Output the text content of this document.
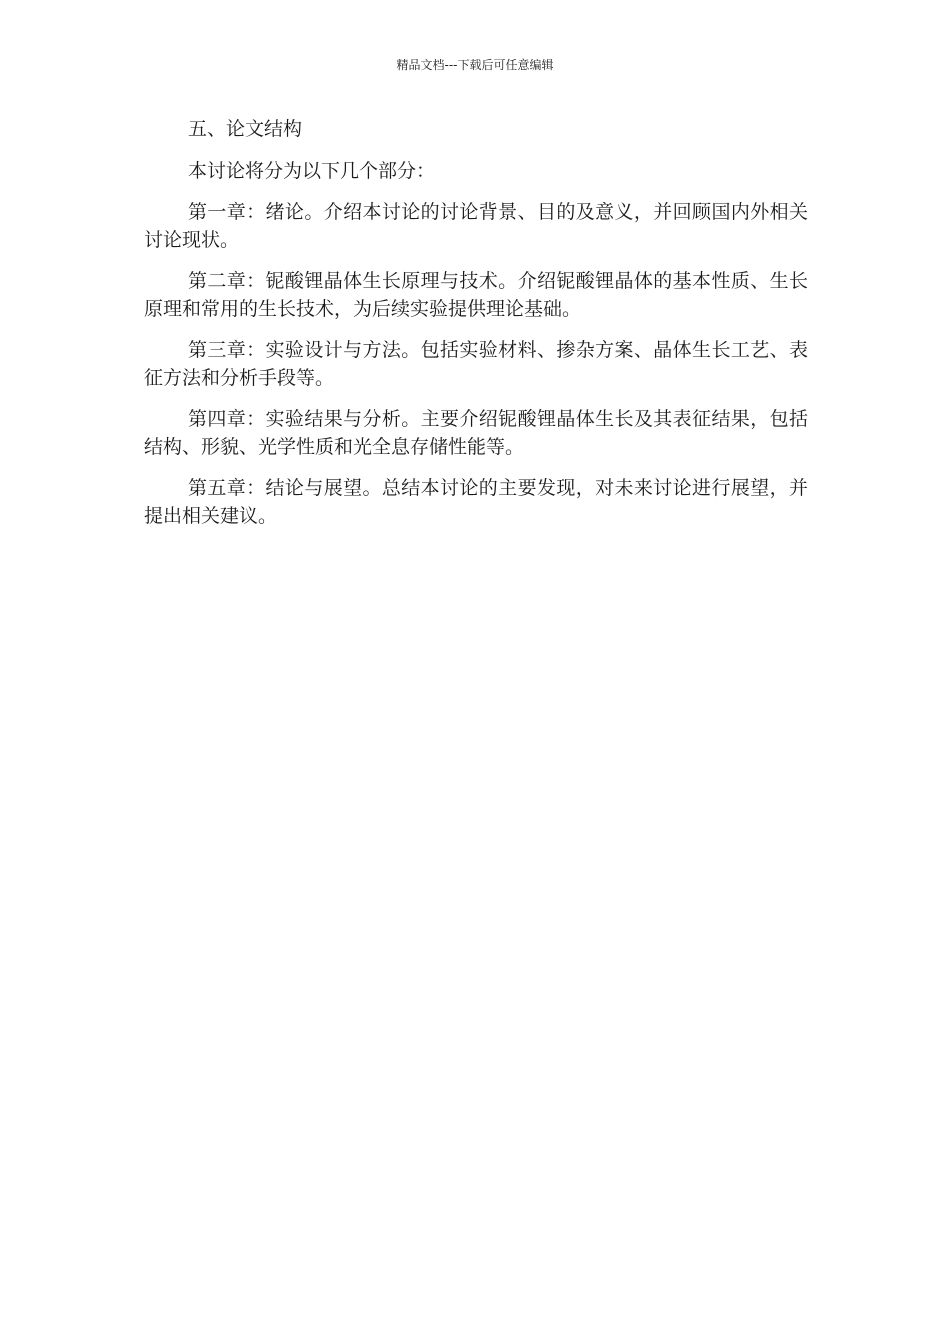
精品文档---下载后可任意编辑
五、论文结构

本讨论将分为以下几个部分：

第一章：绪论。介绍本讨论的讨论背景、目的及意义，并回顾国内外相关讨论现状。

第二章：铌酸锂晶体生长原理与技术。介绍铌酸锂晶体的基本性质、生长原理和常用的生长技术，为后续实验提供理论基础。

第三章：实验设计与方法。包括实验材料、掺杂方案、晶体生长工艺、表征方法和分析手段等。

第四章：实验结果与分析。主要介绍铌酸锂晶体生长及其表征结果，包括结构、形貌、光学性质和光全息存储性能等。

第五章：结论与展望。总结本讨论的主要发现，对未来讨论进行展望，并提出相关建议。
